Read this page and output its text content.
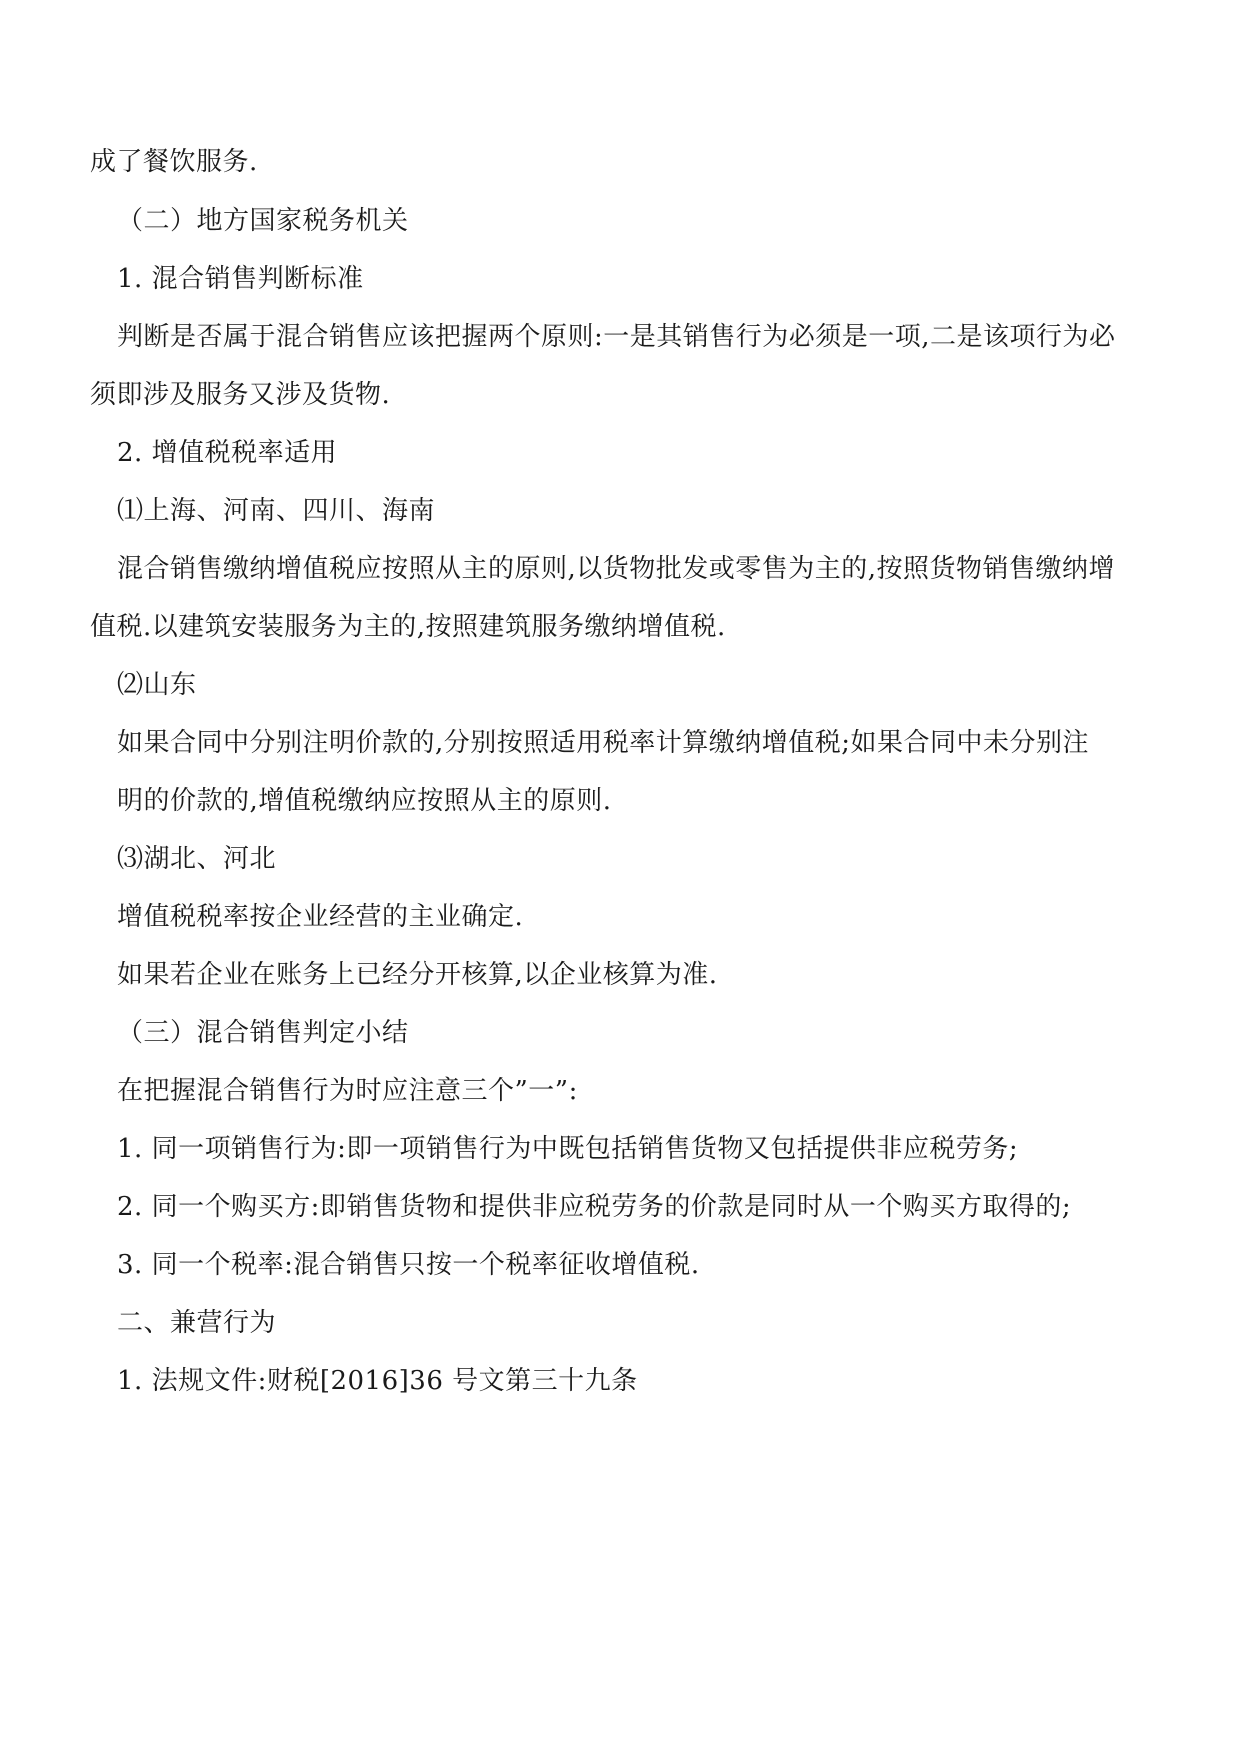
成了餐饮服务.
（二）地方国家税务机关
1. 混合销售判断标准
判断是否属于混合销售应该把握两个原则:一是其销售行为必须是一项,二是该项行为必
须即涉及服务又涉及货物.
2. 增值税税率适用
⑴上海、河南、四川、海南
混合销售缴纳增值税应按照从主的原则,以货物批发或零售为主的,按照货物销售缴纳增
值税.以建筑安装服务为主的,按照建筑服务缴纳增值税.
⑵山东
如果合同中分别注明价款的,分别按照适用税率计算缴纳增值税;如果合同中未分别注
明的价款的,增值税缴纳应按照从主的原则.
⑶湖北、河北
增值税税率按企业经营的主业确定.
如果若企业在账务上已经分开核算,以企业核算为准.
（三）混合销售判定小结
在把握混合销售行为时应注意三个”一”:
1. 同一项销售行为:即一项销售行为中既包括销售货物又包括提供非应税劳务;
2. 同一个购买方:即销售货物和提供非应税劳务的价款是同时从一个购买方取得的;
3. 同一个税率:混合销售只按一个税率征收增值税.
二、兼营行为
1. 法规文件:财税[2016]36 号文第三十九条
